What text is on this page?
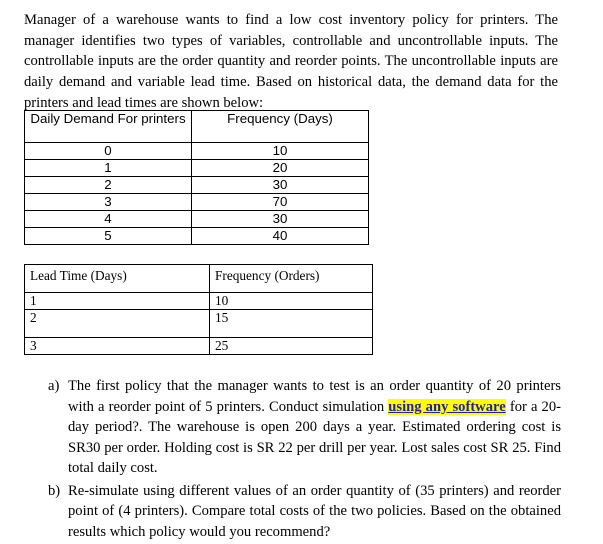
Manager of a warehouse wants to find a low cost inventory policy for printers. The manager identifies two types of variables, controllable and uncontrollable inputs. The controllable inputs are the order quantity and reorder points. The uncontrollable inputs are daily demand and variable lead time. Based on historical data, the demand data for the printers and lead times are shown below:

Daily Demand For printers	Frequency (Days)
0	10
1	20
2	30
3	70
4	30
5	40
Lead Time (Days)	Frequency (Orders)
1	10
2	15
3	25
a) The first policy that the manager wants to test is an order quantity of 20 printers with a reorder point of 5 printers. Conduct simulation using any software for a 20-day period?. The warehouse is open 200 days a year. Estimated ordering cost is SR30 per order. Holding cost is SR 22 per drill per year. Lost sales cost SR 25. Find total daily cost.
b) Re-simulate using different values of an order quantity of (35 printers) and reorder point of (4 printers). Compare total costs of the two policies. Based on the obtained results which policy would you recommend?
